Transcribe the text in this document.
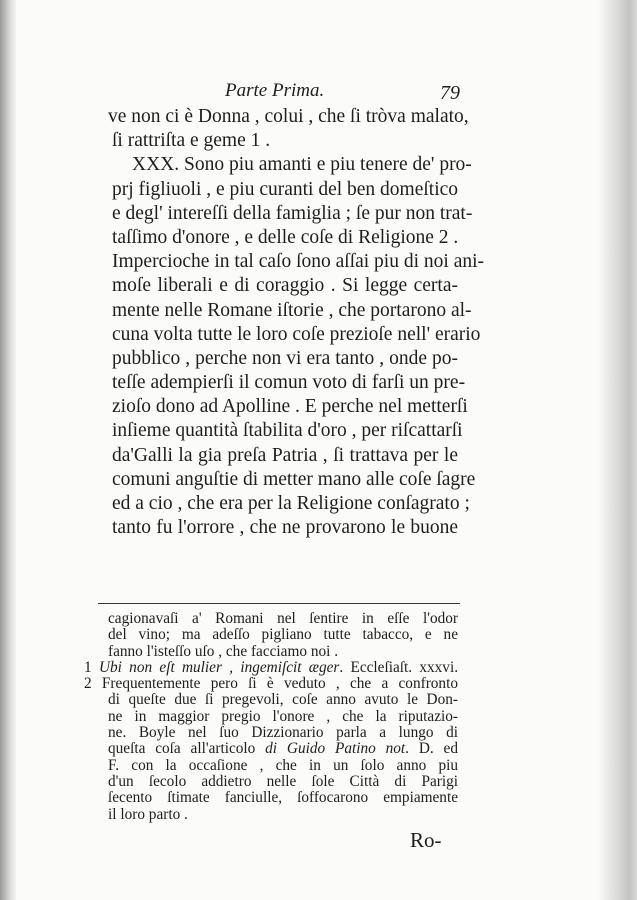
Parte Prima.	79
ve non ci è Donna , colui , che ſi tròva malato,
ſi rattriſta e geme 1 .
XXX. Sono piu amanti e piu tenere de' pro-
prj figliuoli , e piu curanti del ben domeſtico
e degl' intereſſi della famiglia ; ſe pur non trat-
taſſimo d'onore , e delle coſe di Religione 2 .
Impercioche in tal caſo ſono aſſai piu di noi ani-
moſe liberali e di coraggio . Si legge certa-
mente nelle Romane iſtorie , che portarono al-
cuna volta tutte le loro coſe prezioſe nell' erario
pubblico , perche non vi era tanto , onde po-
teſſe adempierſi il comun voto di farſi un pre-
zioſo dono ad Apolline . E perche nel metterſi
inſieme quantità ſtabilita d'oro , per riſcattarſi
da'Galli la gia preſa Patria , ſi trattava per le
comuni anguſtie di metter mano alle coſe ſagre
ed a cio , che era per la Religione conſagrato ;
tanto fu l'orrore , che ne provarono le buone
cagionavaſi a' Romani nel ſentire in eſſe l'odor
del vino; ma adeſſo pigliano tutte tabacco, e ne
fanno l'isteſſo uſo , che facciamo noi .
1 Ubi non eſt mulier , ingemiſcit æger. Eccleſiaſt. xxxvi.
2 Frequentemente pero ſi è veduto , che a confronto
di queſte due ſi pregevoli, coſe anno avuto le Don-
ne in maggior pregio l'onore , che la riputazio-
ne. Boyle nel ſuo Dizzionario parla a lungo di
queſta coſa all'articolo di Guido Patino not. D. ed
F. con la occaſione , che in un ſolo anno piu
d'un ſecolo addietro nelle ſole Città di Parigi
ſecento ſtimate fanciulle, ſoffocarono empiamente
il loro parto .
Ro-
